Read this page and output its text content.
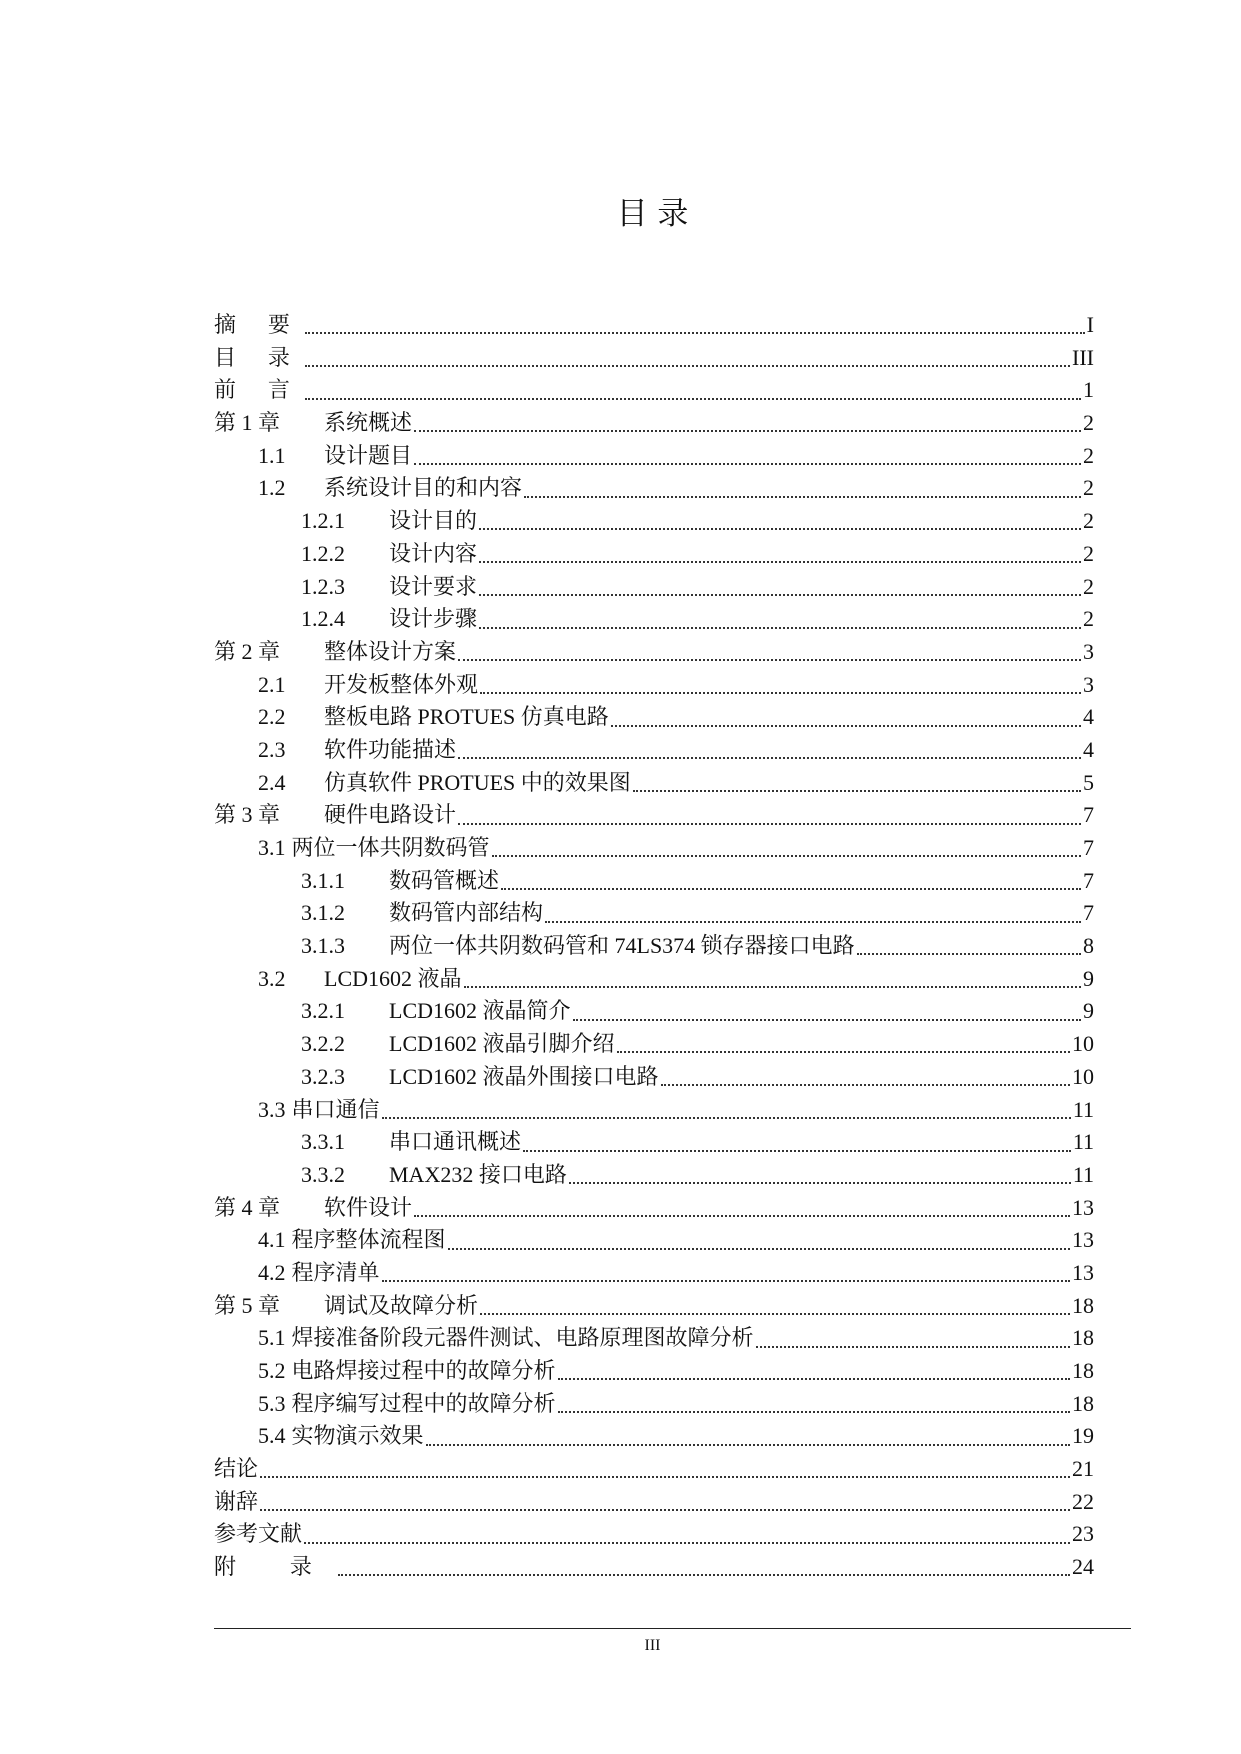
目 录
摘 要	I
目 录	III
前 言	1
第 1 章	系统概述	2
1.1	设计题目	2
1.2	系统设计目的和内容	2
1.2.1	设计目的	2
1.2.2	设计内容	2
1.2.3	设计要求	2
1.2.4	设计步骤	2
第 2 章	整体设计方案	3
2.1	开发板整体外观	3
2.2	整板电路 PROTUES 仿真电路	4
2.3	软件功能描述	4
2.4	仿真软件 PROTUES 中的效果图	5
第 3 章	硬件电路设计	7
3.1 两位一体共阴数码管	7
3.1.1	数码管概述	7
3.1.2	数码管内部结构	7
3.1.3	两位一体共阴数码管和 74LS374 锁存器接口电路	8
3.2	LCD1602 液晶	9
3.2.1	LCD1602 液晶简介	9
3.2.2	LCD1602 液晶引脚介绍	10
3.2.3	LCD1602 液晶外围接口电路	10
3.3 串口通信	11
3.3.1	串口通讯概述	11
3.3.2	MAX232 接口电路	11
第 4 章	软件设计	13
4.1 程序整体流程图	13
4.2 程序清单	13
第 5 章	调试及故障分析	18
5.1 焊接准备阶段元器件测试、电路原理图故障分析	18
5.2 电路焊接过程中的故障分析	18
5.3 程序编写过程中的故障分析	18
5.4 实物演示效果	19
结论	21
谢辞	22
参考文献	23
附 录	24
III
